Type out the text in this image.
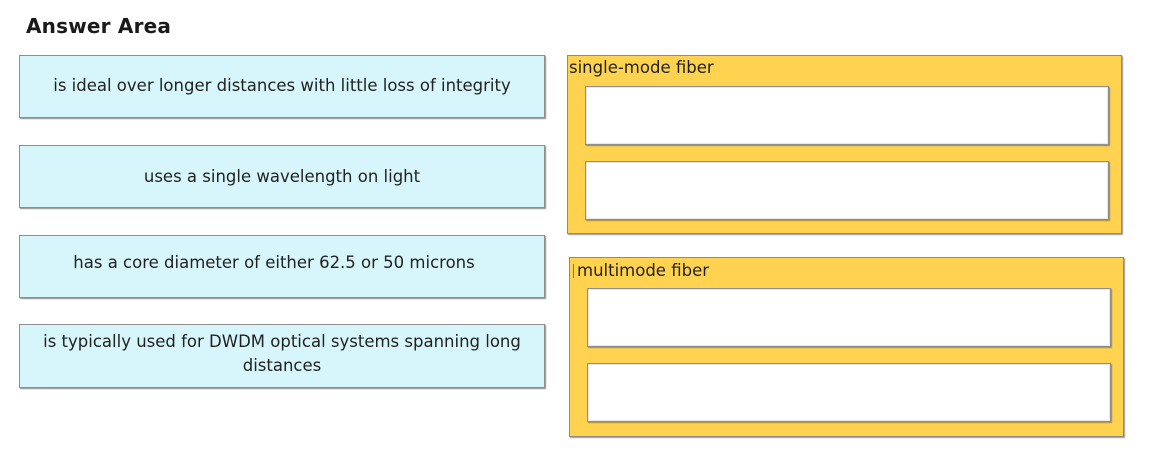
Answer Area
is ideal over longer distances with little loss of integrity
uses a single wavelength on light
has a core diameter of either 62.5 or 50 microns
is typically used for DWDM optical systems spanning long distances
single-mode fiber
multimode fiber
